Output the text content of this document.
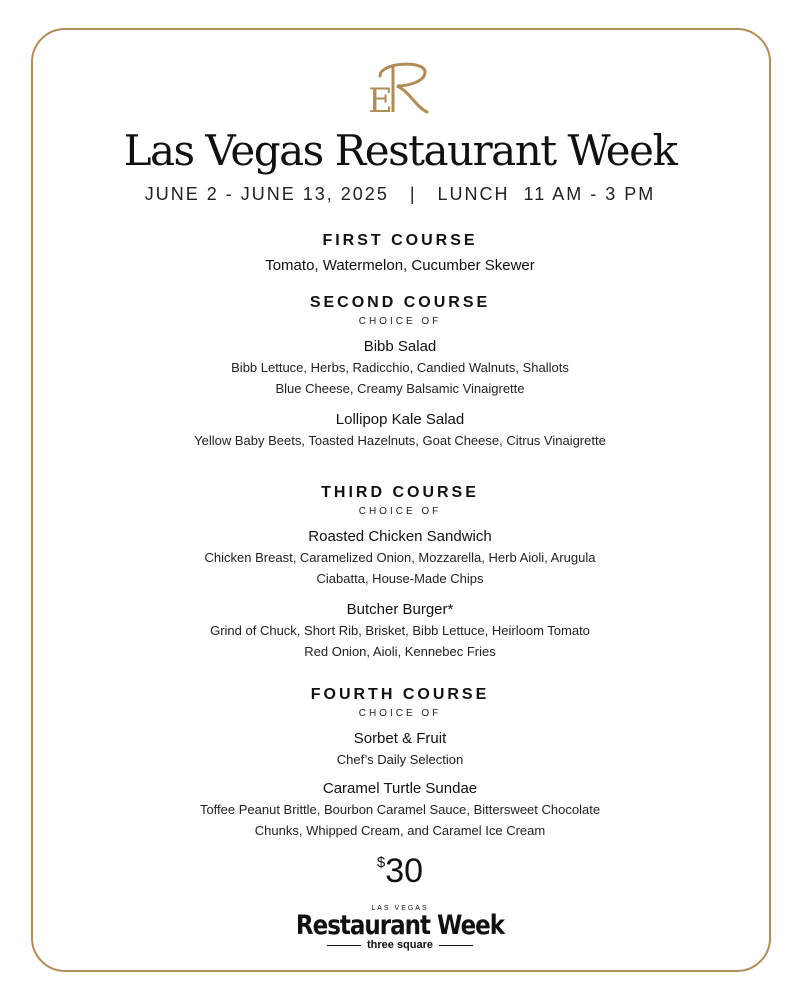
E
Las Vegas Restaurant Week
JUNE 2 - JUNE 13, 2025   |   LUNCH  11 AM - 3 PM
FIRST COURSE
Tomato, Watermelon, Cucumber Skewer
SECOND COURSE
CHOICE OF
Bibb Salad
Bibb Lettuce, Herbs, Radicchio, Candied Walnuts, Shallots
Blue Cheese, Creamy Balsamic Vinaigrette
Lollipop Kale Salad
Yellow Baby Beets, Toasted Hazelnuts, Goat Cheese, Citrus Vinaigrette
THIRD COURSE
CHOICE OF
Roasted Chicken Sandwich
Chicken Breast, Caramelized Onion, Mozzarella, Herb Aioli, Arugula
Ciabatta, House-Made Chips
Butcher Burger*
Grind of Chuck, Short Rib, Brisket, Bibb Lettuce, Heirloom Tomato
Red Onion, Aioli, Kennebec Fries
FOURTH COURSE
CHOICE OF
Sorbet & Fruit
Chef’s Daily Selection
Caramel Turtle Sundae
Toffee Peanut Brittle, Bourbon Caramel Sauce, Bittersweet Chocolate
Chunks, Whipped Cream, and Caramel Ice Cream
$30
LAS VEGAS
Restaurant Week
three square
